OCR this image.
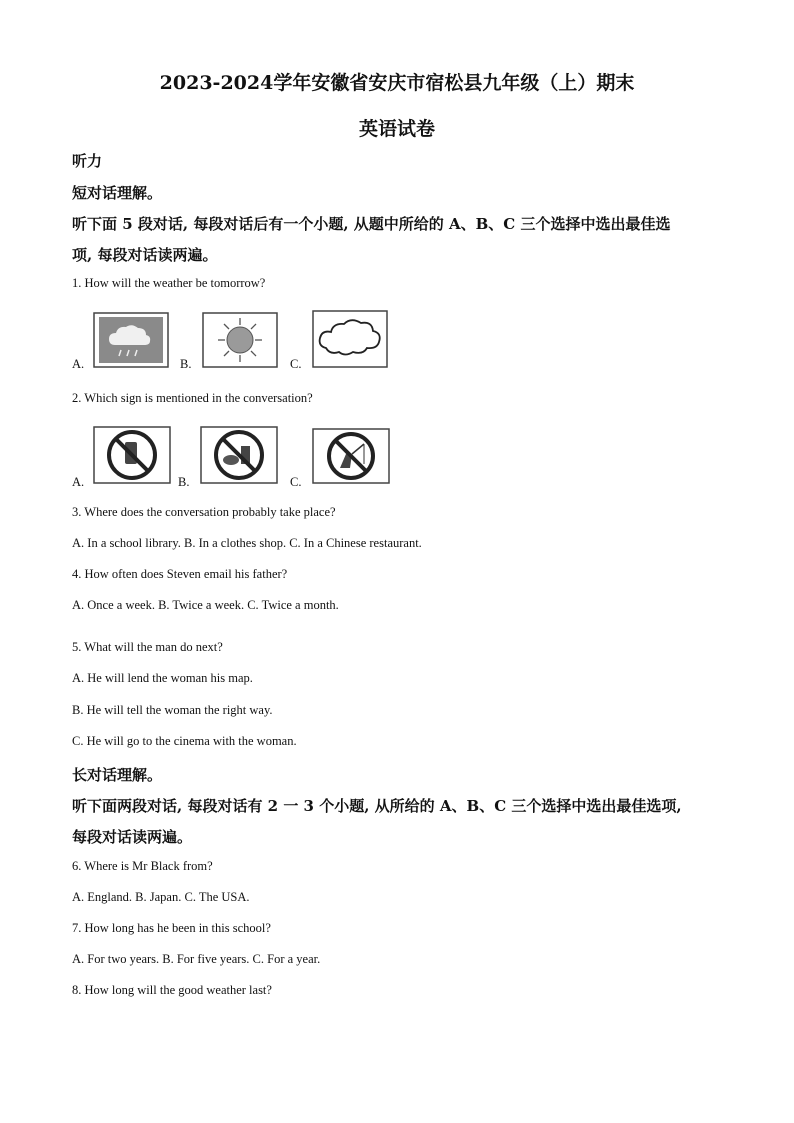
2023-2024学年安徽省安庆市宿松县九年级（上）期末
英语试卷
听力
短对话理解。
听下面 5 段对话, 每段对话后有一个小题, 从题中所给的 A、B、C 三个选择中选出最佳选
项, 每段对话读两遍。
1. How will the weather be tomorrow?
A.	B.	C.
2. Which sign is mentioned in the conversation?
A.	B.	C.
3. Where does the conversation probably take place?
A. In a school library. B. In a clothes shop. C. In a Chinese restaurant.
4. How often does Steven email his father?
A. Once a week. B. Twice a week. C. Twice a month.
5. What will the man do next?
A. He will lend the woman his map.
B. He will tell the woman the right way.
C. He will go to the cinema with the woman.
长对话理解。
听下面两段对话, 每段对话有 2 一 3 个小题, 从所给的 A、B、C 三个选择中选出最佳选项,
每段对话读两遍。
6. Where is Mr Black from?
A. England. B. Japan. C. The USA.
7. How long has he been in this school?
A. For two years. B. For five years. C. For a year.
8. How long will the good weather last?
